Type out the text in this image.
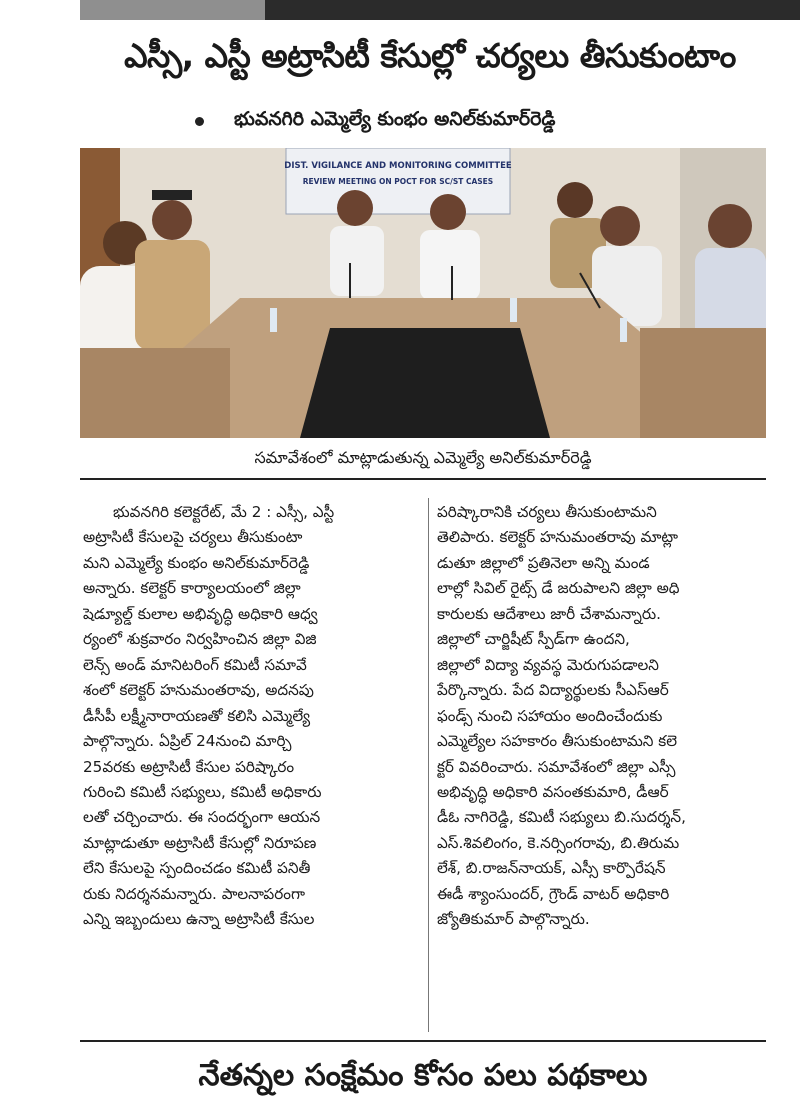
ఎస్సీ, ఎస్టీ అట్రాసిటీ కేసుల్లో చర్యలు తీసుకుంటాం
భువనగిరి ఎమ్మెల్యే కుంభం అనిల్‌కుమార్‌రెడ్డి
DIST. VIGILANCE AND MONITORING COMMITTEE
REVIEW MEETING ON POCT FOR SC/ST CASES
సమావేశంలో మాట్లాడుతున్న ఎమ్మెల్యే అనిల్‌కుమార్‌రెడ్డి
భువనగిరి కలెక్టరేట్, మే 2 : ఎస్సీ, ఎస్టీ
అట్రాసిటీ కేసులపై చర్యలు తీసుకుంటా
మని ఎమ్మెల్యే కుంభం అనిల్‌కుమార్‌రెడ్డి
అన్నారు. కలెక్టర్ కార్యాలయంలో జిల్లా
షెడ్యూల్డ్ కులాల అభివృద్ధి అధికారి ఆధ్వ
ర్యంలో శుక్రవారం నిర్వహించిన జిల్లా విజి
లెన్స్ అండ్ మానిటరింగ్ కమిటీ సమావే
శంలో కలెక్టర్ హనుమంతరావు, అదనపు
డీసీపీ లక్ష్మీనారాయణతో కలిసి ఎమ్మెల్యే
పాల్గొన్నారు. ఏప్రిల్ 24నుంచి మార్చి
25వరకు అట్రాసిటీ కేసుల పరిష్కారం
గురించి కమిటీ సభ్యులు, కమిటీ అధికారు
లతో చర్చించారు. ఈ సందర్భంగా ఆయన
మాట్లాడుతూ అట్రాసిటీ కేసుల్లో నిరూపణ
లేని కేసులపై స్పందించడం కమిటీ పనితీ
రుకు నిదర్శనమన్నారు. పాలనాపరంగా
ఎన్ని ఇబ్బందులు ఉన్నా అట్రాసిటీ కేసుల
పరిష్కారానికి చర్యలు తీసుకుంటామని
తెలిపారు. కలెక్టర్ హనుమంతరావు మాట్లా
డుతూ జిల్లాలో ప్రతినెలా అన్ని మండ
లాల్లో సివిల్ రైట్స్ డే జరుపాలని జిల్లా అధి
కారులకు ఆదేశాలు జారీ చేశామన్నారు.
జిల్లాలో చార్జిషీట్ స్పీడ్‌గా ఉందని,
జిల్లాలో విద్యా వ్యవస్థ మెరుగుపడాలని
పేర్కొన్నారు. పేద విద్యార్థులకు సీఎస్ఆర్
ఫండ్స్ నుంచి సహాయం అందించేందుకు
ఎమ్మెల్యేల సహకారం తీసుకుంటామని కలె
క్టర్ వివరించారు. సమావేశంలో జిల్లా ఎస్సీ
అభివృద్ధి అధికారి వసంతకుమారి, డీఆర్
డీఓ నాగిరెడ్డి, కమిటీ సభ్యులు బి.సుదర్శన్,
ఎస్.శివలింగం, కె.నర్సింగరావు, బి.తిరుమ
లేశ్, బి.రాజన్‌నాయక్, ఎస్సీ కార్పొరేషన్
ఈడీ శ్యాంసుందర్, గ్రౌండ్ వాటర్ అధికారి
జ్యోతికుమార్ పాల్గొన్నారు.
నేతన్నల సంక్షేమం కోసం పలు పథకాలు
